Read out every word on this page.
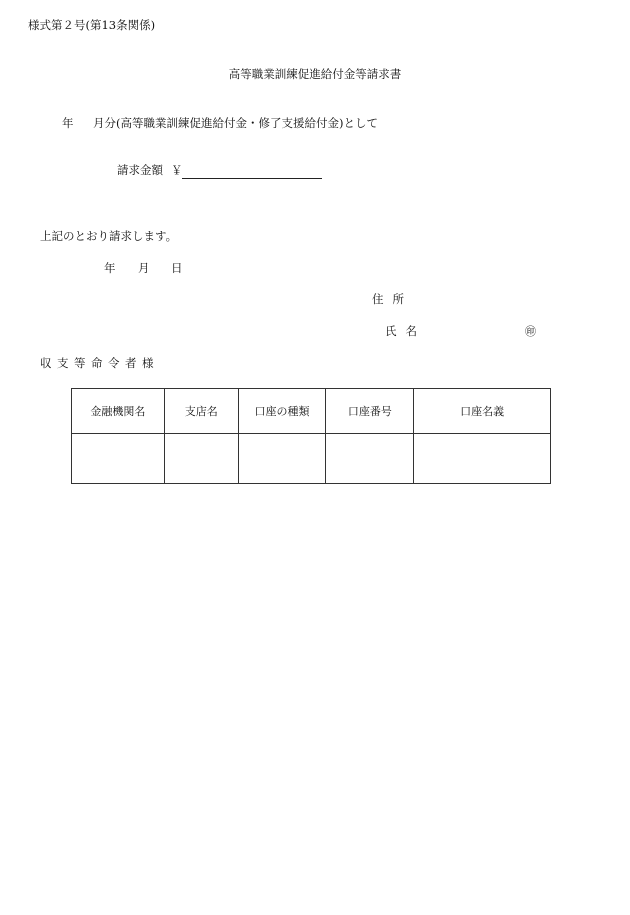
様式第２号(第13条関係)
高等職業訓練促進給付金等請求書
年 月分(高等職業訓練促進給付金・修了支援給付金)として
請求金額 ￥
上記のとおり請求します。
年 月 日
住所
氏名	㊞
収支等命令者様
金融機関名	支店名	口座の種類	口座番号	口座名義
